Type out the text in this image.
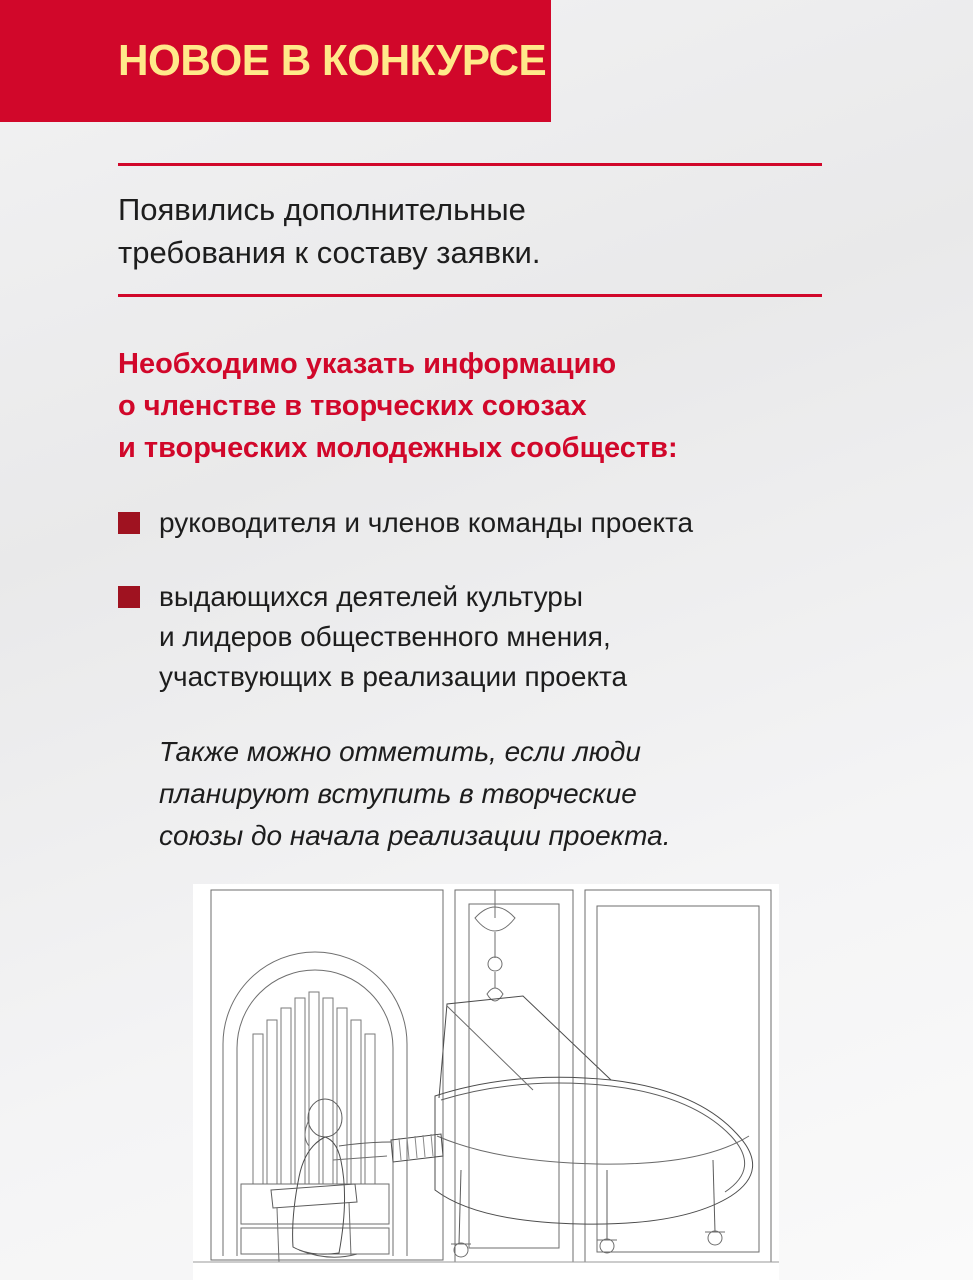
НОВОЕ В КОНКУРСЕ
Появились дополнительные
требования к составу заявки.
Необходимо указать информацию
о членстве в творческих союзах
и творческих молодежных сообществ:
руководителя и членов команды проекта
выдающихся деятелей культуры
и лидеров общественного мнения,
участвующих в реализации проекта
Также можно отметить, если люди
планируют вступить в творческие
союзы до начала реализации проекта.
